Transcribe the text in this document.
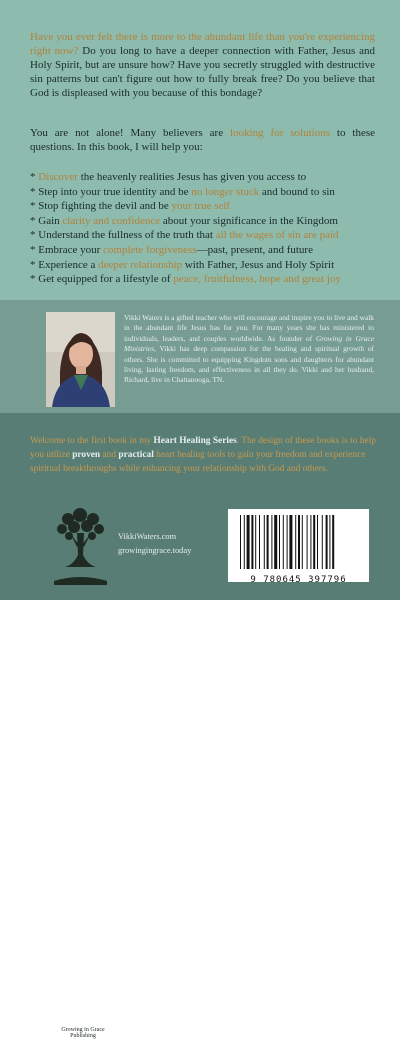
Have you ever felt there is more to the abundant life than you're experiencing right now? Do you long to have a deeper connection with Father, Jesus and Holy Spirit, but are unsure how? Have you secretly struggled with destructive sin patterns but can't figure out how to fully break free? Do you believe that God is displeased with you because of this bondage?

You are not alone! Many believers are looking for solutions to these questions. In this book, I will help you:

* Discover the heavenly realities Jesus has given you access to
* Step into your true identity and be no longer stuck and bound to sin
* Stop fighting the devil and be your true self
* Gain clarity and confidence about your significance in the Kingdom
* Understand the fullness of the truth that all the wages of sin are paid
* Embrace your complete forgiveness—past, present, and future
* Experience a deeper relationship with Father, Jesus and Holy Spirit
* Get equipped for a lifestyle of peace, fruitfulness, hope and great joy

Vikki Waters is a gifted teacher who will encourage and inspire you to live and walk in the abundant life Jesus has for you. For many years she has ministered to individuals, leaders, and couples worldwide. As founder of Growing in Grace Ministries, Vikki has deep compassion for the healing and spiritual growth of others. She is committed to equipping Kingdom sons and daughters for abundant living, lasting freedom, and effectiveness in all they do. Vikki and her husband, Richard, live in Chattanooga, TN.

Welcome to the first book in my Heart Healing Series. The design of these books is to help you utilize proven and practical heart healing tools to gain your freedom and experience spiritual breakthroughs while enhancing your relationship with God and others.

Growing in Grace Publishing
VikkiWaters.com
growingingrace.today
9 780645 397796
